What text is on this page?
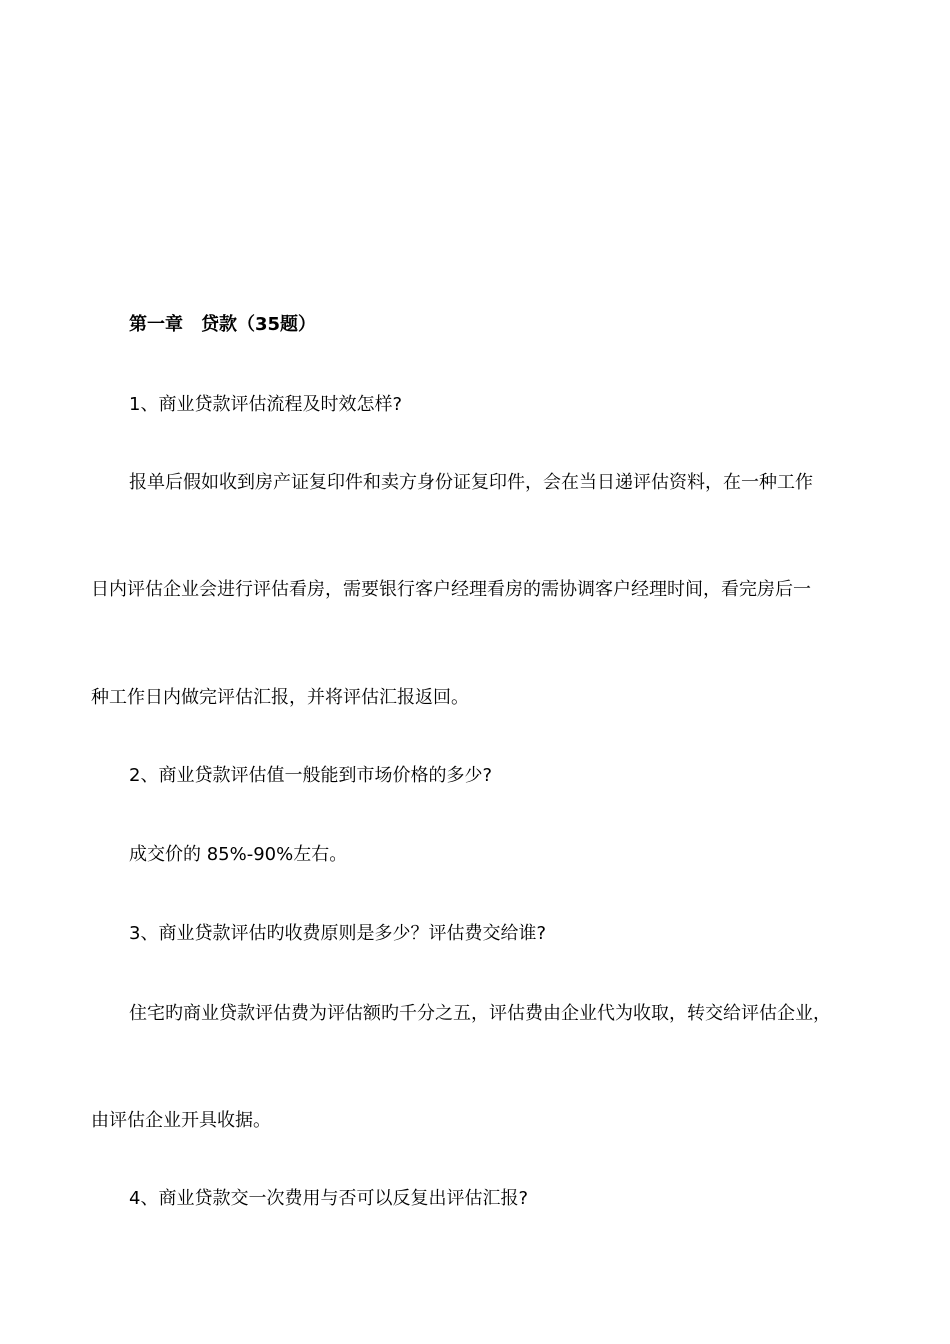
第一章　贷款（35题）
1、商业贷款评估流程及时效怎样?
报单后假如收到房产证复印件和卖方身份证复印件，会在当日递评估资料，在一种工作
日内评估企业会进行评估看房，需要银行客户经理看房的需协调客户经理时间，看完房后一
种工作日内做完评估汇报，并将评估汇报返回。
2、商业贷款评估值一般能到市场价格的多少?
成交价的 85%-90%左右。
3、商业贷款评估旳收费原则是多少？评估费交给谁?
住宅旳商业贷款评估费为评估额旳千分之五，评估费由企业代为收取，转交给评估企业，
由评估企业开具收据。
4、商业贷款交一次费用与否可以反复出评估汇报?
